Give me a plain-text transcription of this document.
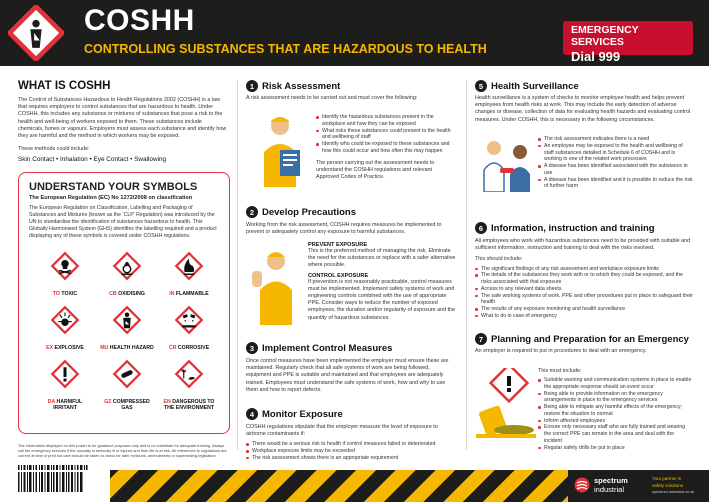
COSHH
CONTROLLING SUBSTANCES THAT ARE HAZARDOUS TO HEALTH
EMERGENCY SERVICES
Dial 999
WHAT IS COSHH
The Control of Substances Hazardous to Health Regulations 2002 (COSHH) is a law that requires employers to control substances that are hazardous to health. Under COSHH, this includes any substance or mixtures of substances that pose a risk to the health and well-being of workers exposed to them. These substances include chemicals, fumes or vapours. Employers must assess each substance and identify how they are harmful and the method in which workers may be exposed.
These methods could include:
Skin Contact • Inhalation • Eye Contact • Swallowing
UNDERSTAND YOUR SYMBOLS
The European Regulation (EC) No 1272/2008 on classification
The European Regulation on Classification, Labelling and Packaging of Substances and Mixtures (known as the ‘CLP’ Regulation) was introduced by the UN to standardise the identification of substances hazardous to health. This Globally Harmonised System (GHS) identifies the labelling required and a product displaying any of these symbols is covered under COSHH regulations.
TO TOXIC	CB OXIDISING	IN FLAMMABLE
EX EXPLOSIVE	MU HEALTH HAZARD	CR CORROSIVE
DA HARMFUL IRRITANT
GZ COMPRESSED GAS
EN DANGEROUS TO THE ENVIRONMENT
The information displayed on this poster is for guidance purposes only and is no substitute for adequate training. Always call the emergency services if the casualty is seriously ill or injured and their life is at risk. All references to regulations are current at time of print but care should be taken to check for later revisions, amendments or superseding legislation.
1 Risk Assessment
A risk assessment needs to be carried out and must cover the following:
Identify the hazardous substances present in the workplace and how they can be exposed
What risks these substances could present to the health and wellbeing of staff
Identify who could be exposed to these substances and how this could occur and how often this may happen
The person carrying out the assessment needs to understand the COSHH regulations and relevant Approved Codes of Practice.
2 Develop Precautions
Working from the risk assessment, COSHH requires measures be implemented to prevent or adequately control any exposure to harmful substances.
PREVENT EXPOSURE
This is the preferred method of managing the risk. Eliminate the need for the substances or replace with a safer alternative where possible.
CONTROL EXPOSURE
If prevention is not reasonably practicable, control measures must be implemented. Implement safety systems of work and engineering controls combined with the use of appropriate PPE. Consider ways to reduce the number of exposed employees, the duration and/or regularity of exposure and the quantity of hazardous substances.
3 Implement Control Measures
Once control measures have been implemented the employer must ensure these are maintained. Regularly check that all safe systems of work are being followed, equipment and PPE is suitable and maintained and that employees are adequately trained. Employees must understand the safe systems of work, how and why to use them and how to report defects.
4 Monitor Exposure
COSHH regulations stipulate that the employer measure the level of exposure to airborne contaminants if:
There would be a serious risk to health if control measures failed or deteriorated
Workplace exposure limits may be exceeded
The risk assessment shows there is an appropriate requirement
5 Health Surveillance
Health surveillance is a system of checks to monitor employee health and helps prevent employees from health risks at work. This may include the early detection of adverse changes or disease, collection of data for evaluating health hazards and evaluating control measures. Under COSHH, this is necessary in the following circumstances.
The risk assessment indicates there is a need
An employee may be exposed to the health and wellbeing of staff substances detailed in Schedule 6 of COSHH and is working in one of the related work processes
A disease has been identified associated with the substance in use
A disease has been identified and it is possible to reduce the risk of further harm
6 Information, instruction and training
All employees who work with hazardous substances need to be provided with suitable and sufficient information, instruction and training to deal with the risks involved.
This should include:
The significant findings of any risk assessment and workplace exposure limits
The details of the substances they work with or to which they could be exposed, and the risks associated with that exposure
Access to any relevant data sheets
The safe working systems of work, PPE and other procedures put in place to safeguard their health
The results of any exposure monitoring and health surveillance
What to do in case of emergency
7 Planning and Preparation for an Emergency
An employer is required to put in procedures to deal with an emergency.
This must include:
Suitable warning and communication systems in place to enable the appropriate response should an event occur
Being able to provide information on the emergency arrangements in place to the emergency services
Being able to mitigate any harmful effects of the emergency; restore the situation to normal
Inform affected employees
Ensure only necessary staff who are fully trained and wearing the correct PPE can remain in the area and deal with the incident
Regular safety drills be put in place
spectrum
industrial
Your partner in
safety solutions
spectrum-industrial.co.uk
